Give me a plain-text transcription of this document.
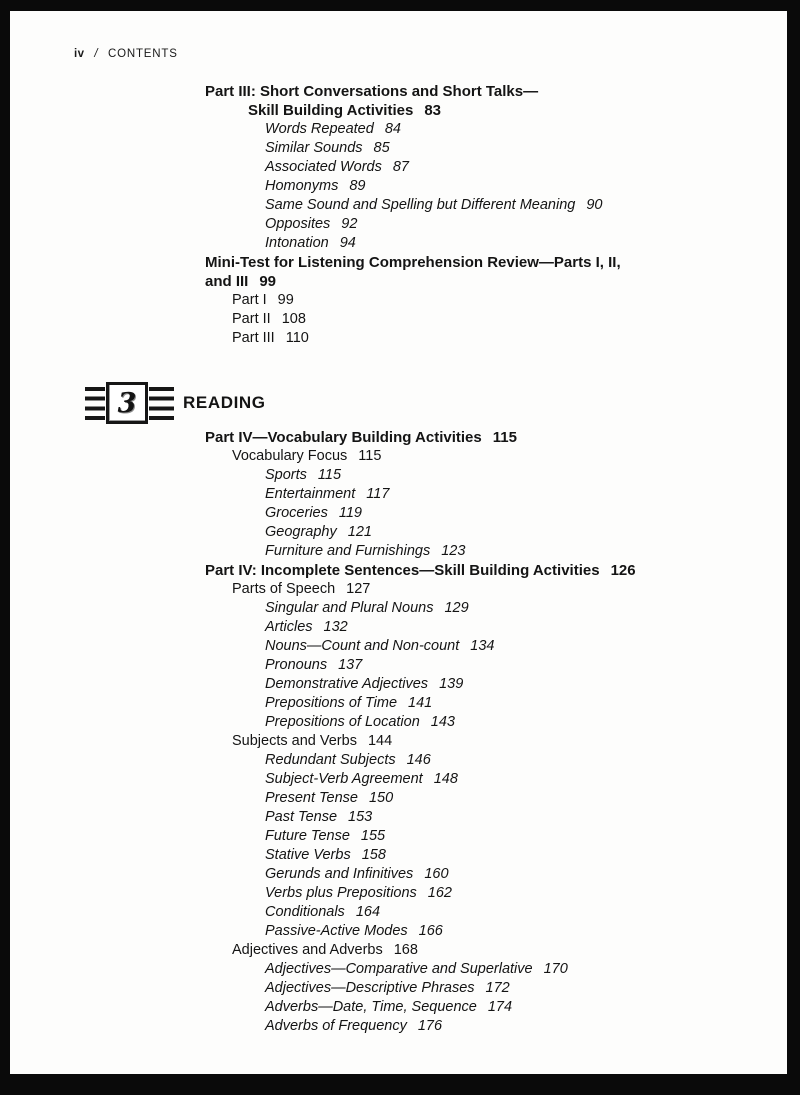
iv / CONTENTS
Part III: Short Conversations and Short Talks—
Skill Building Activities 83
Words Repeated 84
Similar Sounds 85
Associated Words 87
Homonyms 89
Same Sound and Spelling but Different Meaning 90
Opposites 92
Intonation 94
Mini-Test for Listening Comprehension Review—Parts I, II,
and III 99
Part I 99
Part II 108
Part III 110
3	READING
Part IV—Vocabulary Building Activities 115
Vocabulary Focus 115
Sports 115
Entertainment 117
Groceries 119
Geography 121
Furniture and Furnishings 123
Part IV: Incomplete Sentences—Skill Building Activities 126
Parts of Speech 127
Singular and Plural Nouns 129
Articles 132
Nouns—Count and Non-count 134
Pronouns 137
Demonstrative Adjectives 139
Prepositions of Time 141
Prepositions of Location 143
Subjects and Verbs 144
Redundant Subjects 146
Subject-Verb Agreement 148
Present Tense 150
Past Tense 153
Future Tense 155
Stative Verbs 158
Gerunds and Infinitives 160
Verbs plus Prepositions 162
Conditionals 164
Passive-Active Modes 166
Adjectives and Adverbs 168
Adjectives—Comparative and Superlative 170
Adjectives—Descriptive Phrases 172
Adverbs—Date, Time, Sequence 174
Adverbs of Frequency 176
